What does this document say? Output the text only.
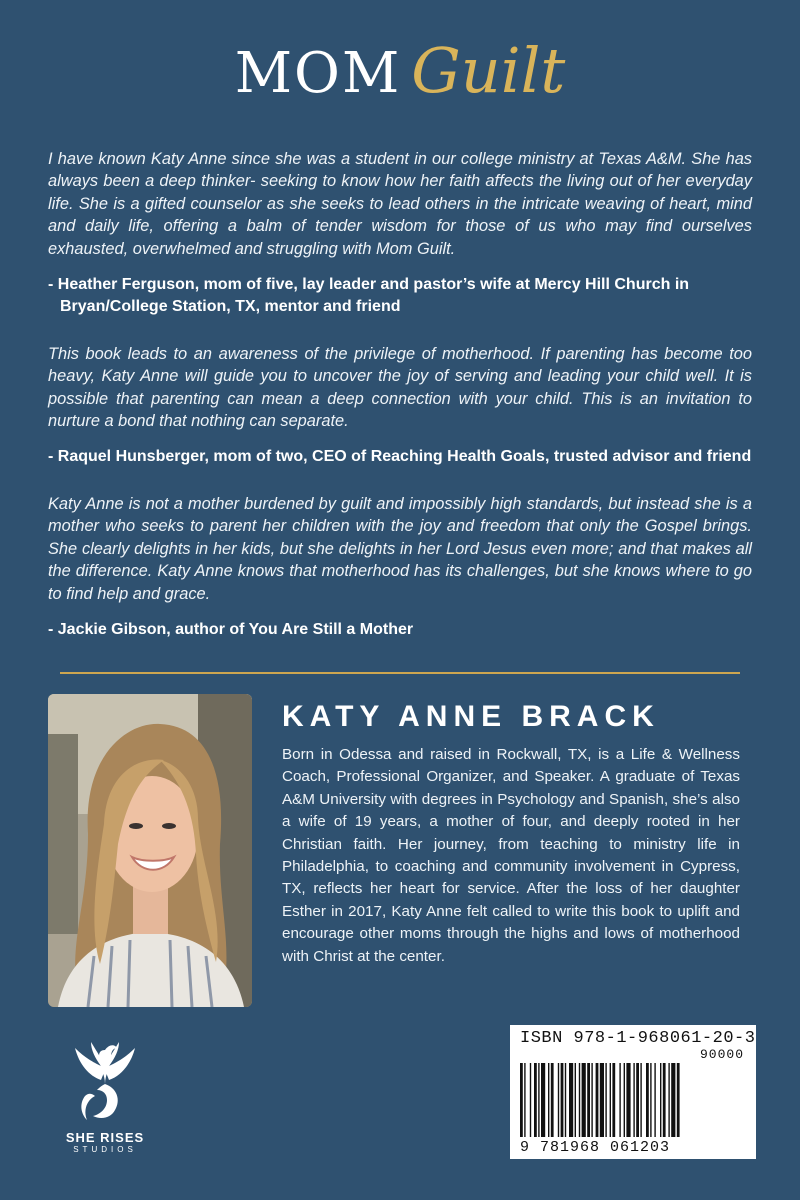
MOM Guilt

I have known Katy Anne since she was a student in our college ministry at Texas A&M. She has always been a deep thinker- seeking to know how her faith affects the living out of her everyday life. She is a gifted counselor as she seeks to lead others in the intricate weaving of heart, mind and daily life, offering a balm of tender wisdom for those of us who may find ourselves exhausted, overwhelmed and struggling with Mom Guilt.

- Heather Ferguson, mom of five, lay leader and pastor’s wife at Mercy Hill Church in Bryan/College Station, TX, mentor and friend

This book leads to an awareness of the privilege of motherhood. If parenting has become too heavy, Katy Anne will guide you to uncover the joy of serving and leading your child well. It is possible that parenting can mean a deep connection with your child. This is an invitation to nurture a bond that nothing can separate.

- Raquel Hunsberger, mom of two, CEO of Reaching Health Goals, trusted advisor and friend

Katy Anne is not a mother burdened by guilt and impossibly high standards, but instead she is a mother who seeks to parent her children with the joy and freedom that only the Gospel brings. She clearly delights in her kids, but she delights in her Lord Jesus even more; and that makes all the difference. Katy Anne knows that motherhood has its challenges, but she knows where to go to find help and grace.

- Jackie Gibson, author of You Are Still a Mother

KATY ANNE BRACK

Born in Odessa and raised in Rockwall, TX, is a Life & Wellness Coach, Professional Organizer, and Speaker. A graduate of Texas A&M University with degrees in Psychology and Spanish, she’s also a wife of 19 years, a mother of four, and deeply rooted in her Christian faith. Her journey, from teaching to ministry life in Philadelphia, to coaching and community involvement in Cypress, TX, reflects her heart for service. After the loss of her daughter Esther in 2017, Katy Anne felt called to write this book to uplift and encourage other moms through the highs and lows of motherhood with Christ at the center.

SHE RISES
STUDIOS
ISBN 978-1-968061-20-3
90000
9 781968 061203
